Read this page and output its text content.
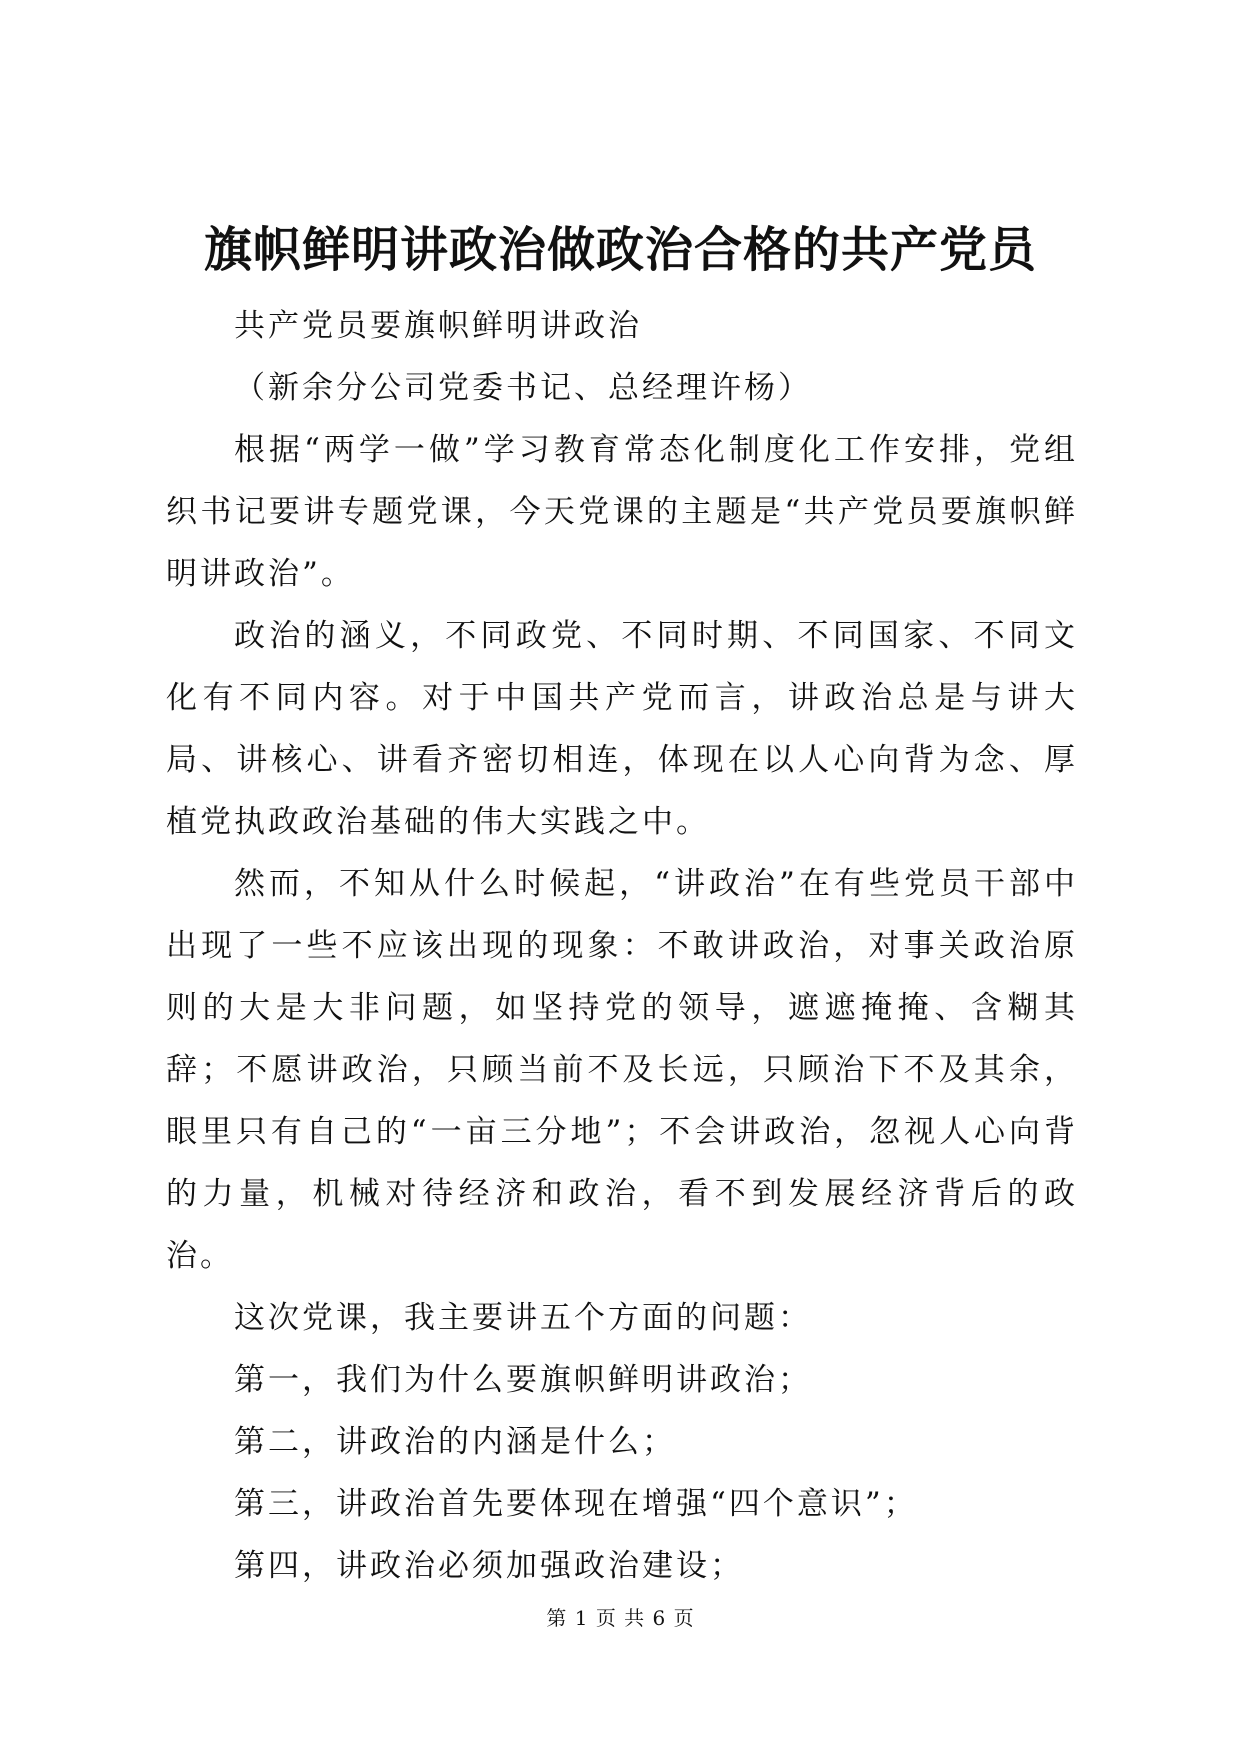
旗帜鲜明讲政治做政治合格的共产党员

共产党员要旗帜鲜明讲政治

（新余分公司党委书记、总经理许杨）

根据“两学一做”学习教育常态化制度化工作安排，党组织书记要讲专题党课，今天党课的主题是“共产党员要旗帜鲜明讲政治”。

政治的涵义，不同政党、不同时期、不同国家、不同文化有不同内容。对于中国共产党而言，讲政治总是与讲大局、讲核心、讲看齐密切相连，体现在以人心向背为念、厚植党执政政治基础的伟大实践之中。

然而，不知从什么时候起，“讲政治”在有些党员干部中出现了一些不应该出现的现象：不敢讲政治，对事关政治原则的大是大非问题，如坚持党的领导，遮遮掩掩、含糊其辞；不愿讲政治，只顾当前不及长远，只顾治下不及其余，眼里只有自己的“一亩三分地”；不会讲政治，忽视人心向背的力量，机械对待经济和政治，看不到发展经济背后的政治。

这次党课，我主要讲五个方面的问题：

第一，我们为什么要旗帜鲜明讲政治；

第二，讲政治的内涵是什么；

第三，讲政治首先要体现在增强“四个意识”；

第四，讲政治必须加强政治建设；

第 1 页 共 6 页
